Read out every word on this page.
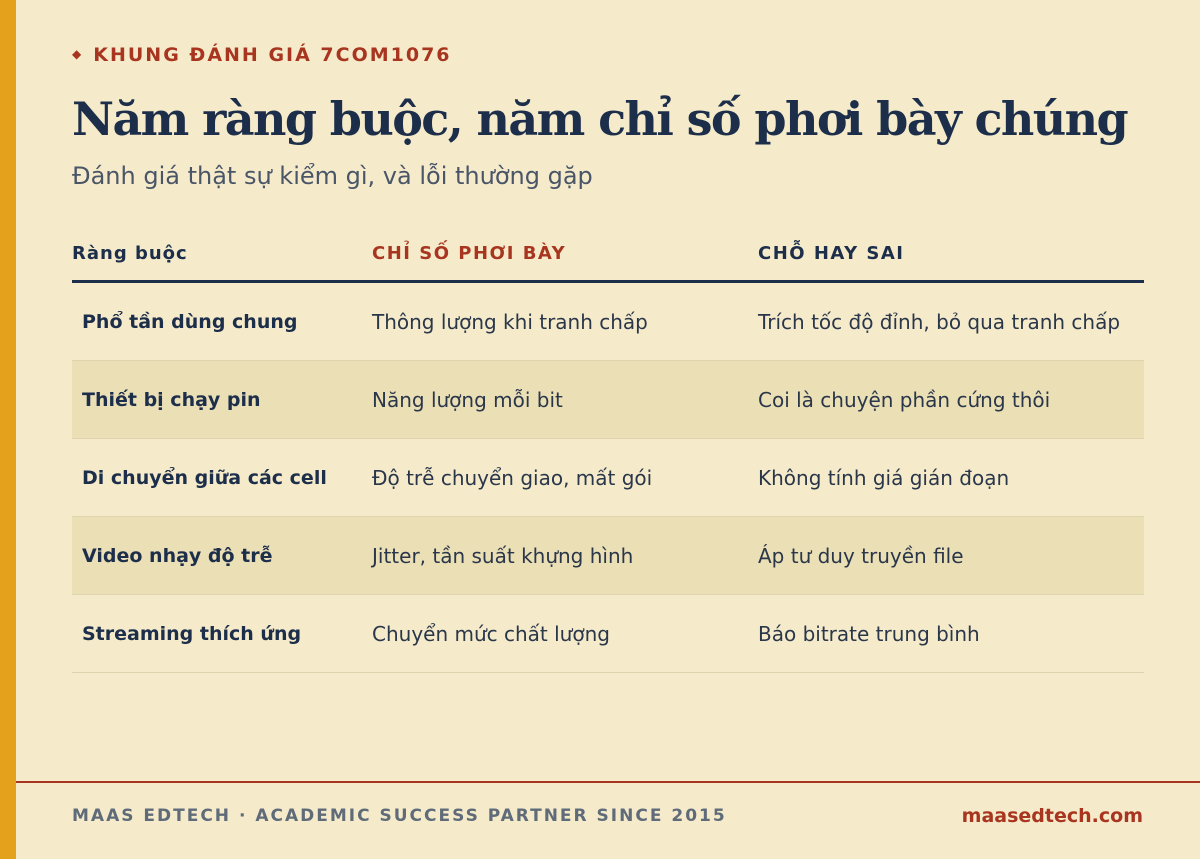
◆ KHUNG ĐÁNH GIÁ 7COM1076
Năm ràng buộc, năm chỉ số phơi bày chúng
Đánh giá thật sự kiểm gì, và lỗi thường gặp
Ràng buộc	CHỈ SỐ PHƠI BÀY	CHỖ HAY SAI
Phổ tần dùng chung	Thông lượng khi tranh chấp	Trích tốc độ đỉnh, bỏ qua tranh chấp
Thiết bị chạy pin	Năng lượng mỗi bit	Coi là chuyện phần cứng thôi
Di chuyển giữa các cell	Độ trễ chuyển giao, mất gói	Không tính giá gián đoạn
Video nhạy độ trễ	Jitter, tần suất khựng hình	Áp tư duy truyền file
Streaming thích ứng	Chuyển mức chất lượng	Báo bitrate trung bình
MAAS EDTECH · ACADEMIC SUCCESS PARTNER SINCE 2015	maasedtech.com
